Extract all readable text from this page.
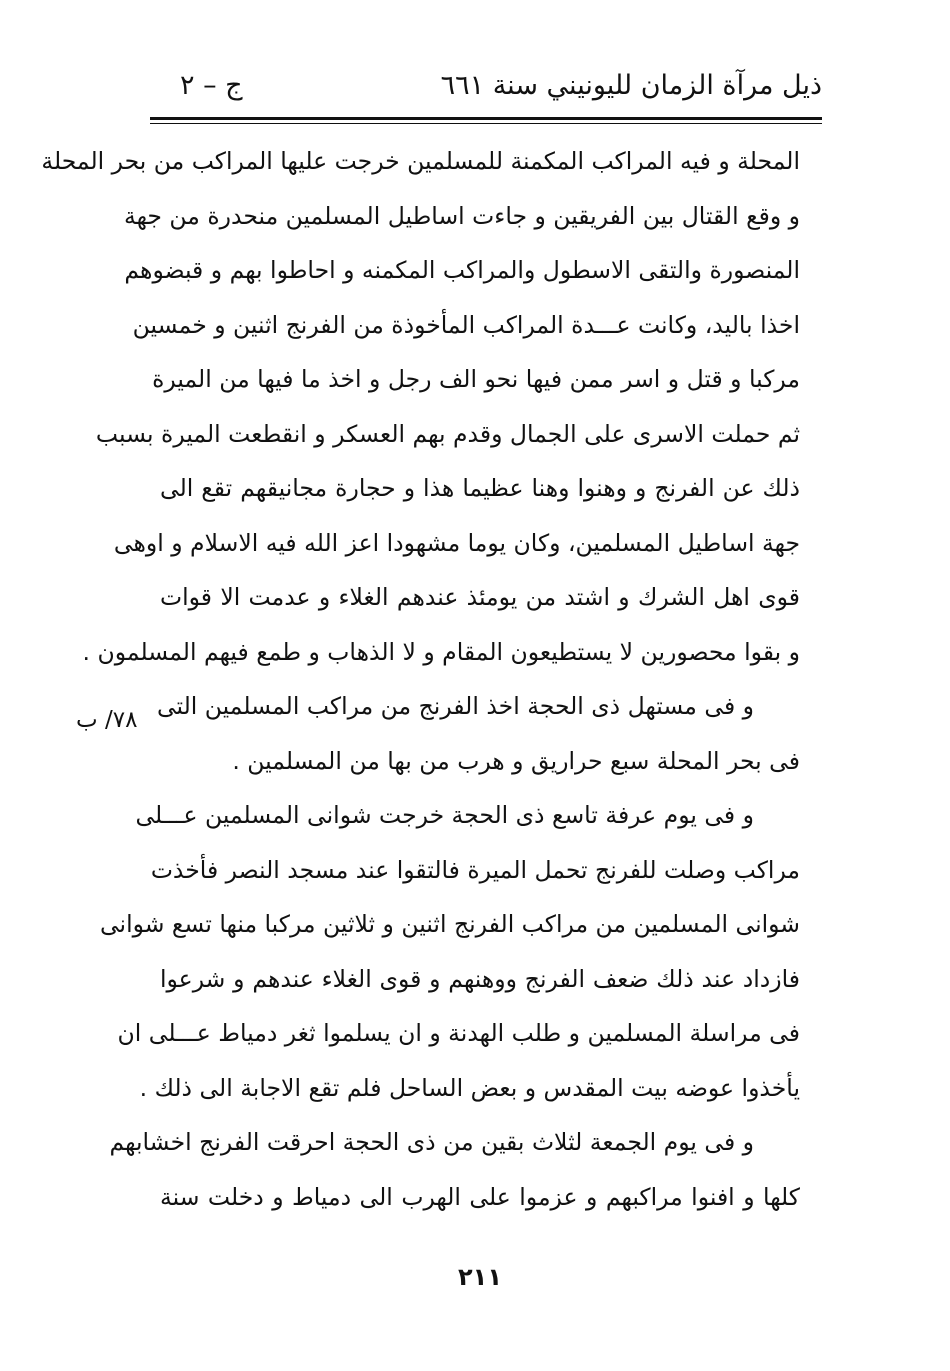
ذيل مرآة الزمان لليونيني سنة ٦٦١
ج – ٢
٧٨/ ب
المحلة و فيه المراكب المكمنة للمسلمين خرجت عليها المراكب من بحر المحلة
و وقع القتال بين الفريقين و جاءت اساطيل المسلمين منحدرة من جهة
المنصورة والتقى الاسطول والمراكب المكمنه و احاطوا بهم و قبضوهم
اخذا باليد، وكانت عـــدة المراكب المأخوذة من الفرنج اثنين و خمسين
مركبا و قتل و اسر ممن فيها نحو الف رجل و اخذ ما فيها من الميرة
ثم حملت الاسرى على الجمال وقدم بهم العسكر و انقطعت الميرة بسبب
ذلك عن الفرنج و وهنوا وهنا عظيما هذا و حجارة مجانيقهم تقع الى
جهة اساطيل المسلمين، وكان يوما مشهودا اعز الله فيه الاسلام و اوهى
قوى اهل الشرك و اشتد من يومئذ عندهم الغلاء و عدمت الا قوات
و بقوا محصورين لا يستطيعون المقام و لا الذهاب و طمع فيهم المسلمون .
و فى مستهل ذى الحجة اخذ الفرنج من مراكب المسلمين التى
فى بحر المحلة سبع حراريق و هرب من بها من المسلمين .
و فى يوم عرفة تاسع ذى الحجة خرجت شوانى المسلمين عـــلى
مراكب وصلت للفرنج تحمل الميرة فالتقوا عند مسجد النصر فأخذت
شوانى المسلمين من مراكب الفرنج اثنين و ثلاثين مركبا منها تسع شوانى
فازداد عند ذلك ضعف الفرنج ووهنهم و قوى الغلاء عندهم و شرعوا
فى مراسلة المسلمين و طلب الهدنة و ان يسلموا ثغر دمياط عـــلى ان
يأخذوا عوضه بيت المقدس و بعض الساحل فلم تقع الاجابة الى ذلك .
و فى يوم الجمعة لثلاث بقين من ذى الحجة احرقت الفرنج اخشابهم
كلها و افنوا مراكبهم و عزموا على الهرب الى دمياط و دخلت سنة
٢١١
